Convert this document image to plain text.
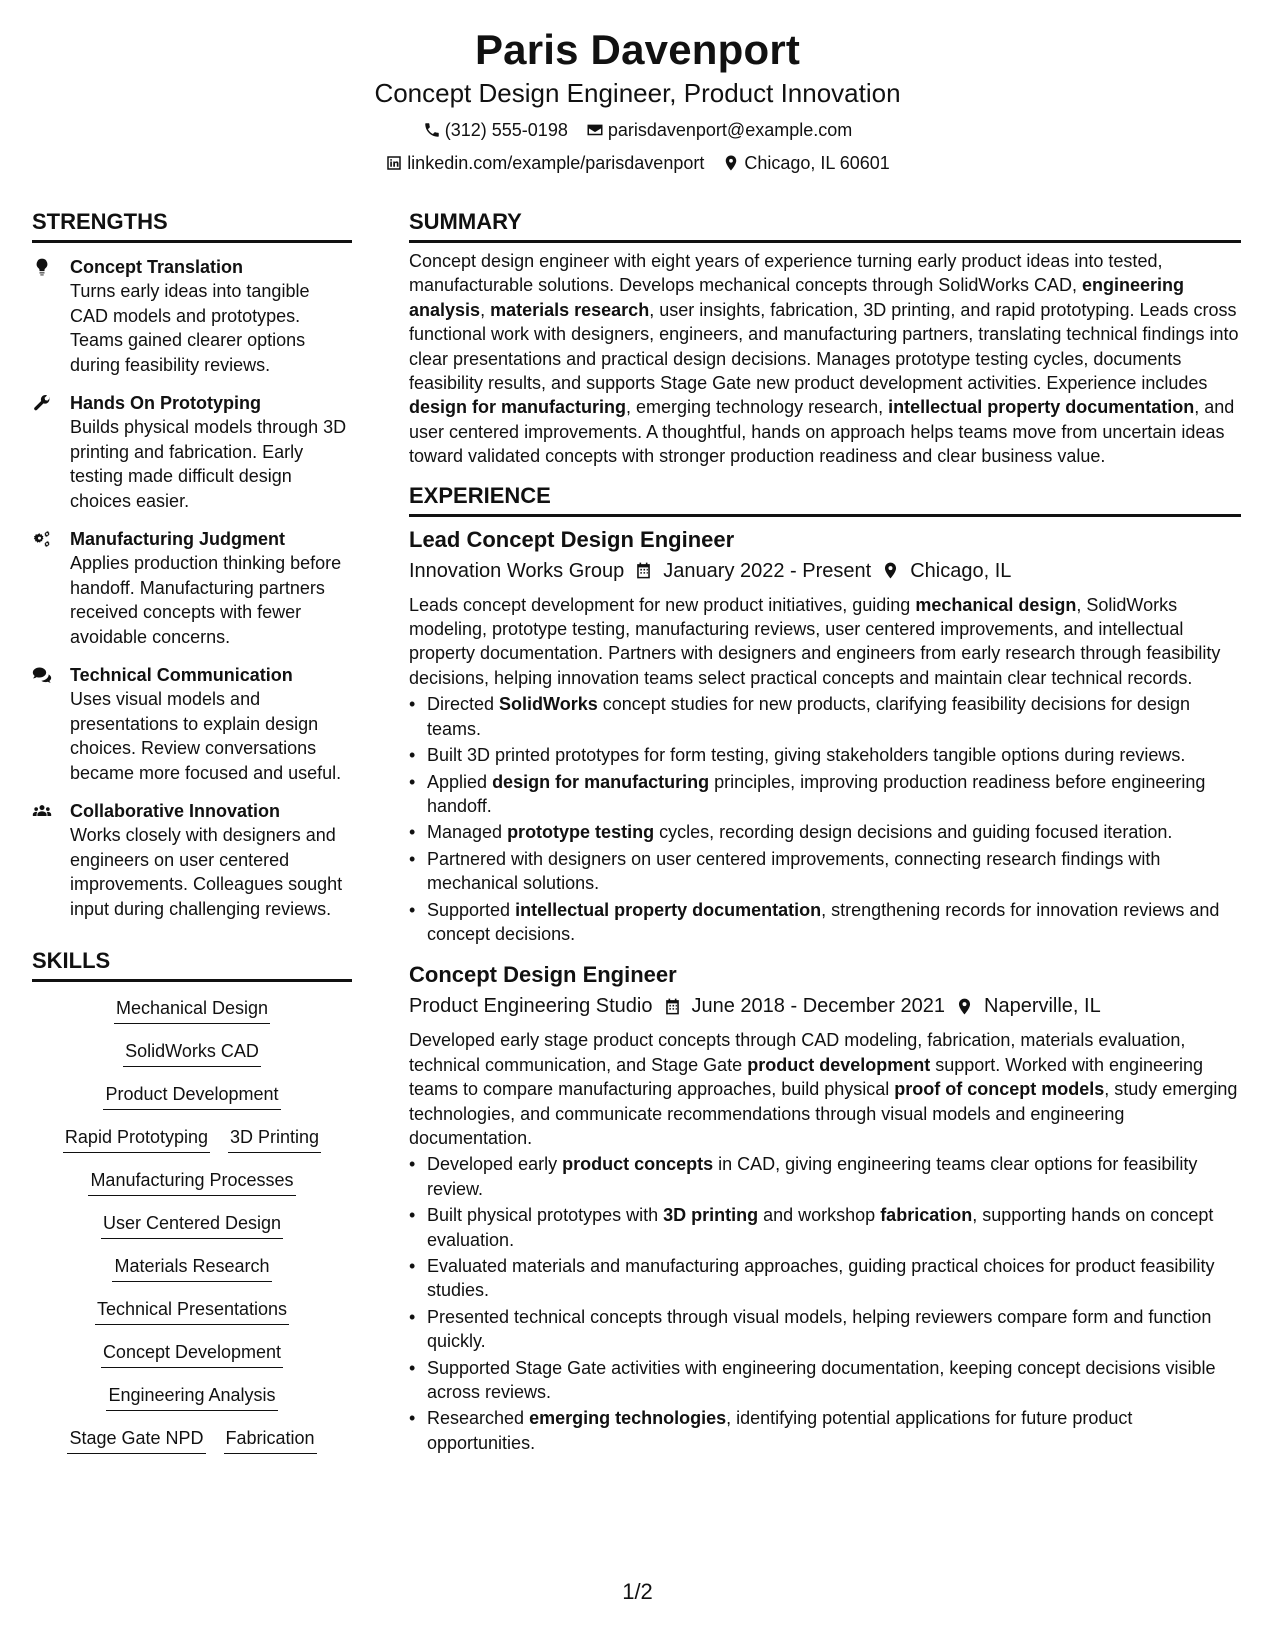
Paris Davenport
Concept Design Engineer, Product Innovation
(312) 555-0198 parisdavenport@example.com
linkedin.com/example/parisdavenport Chicago, IL 60601
STRENGTHS
Concept Translation
Turns early ideas into tangible CAD models and prototypes. Teams gained clearer options during feasibility reviews.
Hands On Prototyping
Builds physical models through 3D printing and fabrication. Early testing made difficult design choices easier.
Manufacturing Judgment
Applies production thinking before handoff. Manufacturing partners received concepts with fewer avoidable concerns.
Technical Communication
Uses visual models and presentations to explain design choices. Review conversations became more focused and useful.
Collaborative Innovation
Works closely with designers and engineers on user centered improvements. Colleagues sought input during challenging reviews.
SKILLS
Mechanical Design
SolidWorks CAD
Product Development
Rapid Prototyping 3D Printing
Manufacturing Processes
User Centered Design
Materials Research
Technical Presentations
Concept Development
Engineering Analysis
Stage Gate NPD Fabrication
SUMMARY
Concept design engineer with eight years of experience turning early product ideas into tested, manufacturable solutions. Develops mechanical concepts through SolidWorks CAD, engineering analysis, materials research, user insights, fabrication, 3D printing, and rapid prototyping. Leads cross functional work with designers, engineers, and manufacturing partners, translating technical findings into clear presentations and practical design decisions. Manages prototype testing cycles, documents feasibility results, and supports Stage Gate new product development activities. Experience includes design for manufacturing, emerging technology research, intellectual property documentation, and user centered improvements. A thoughtful, hands on approach helps teams move from uncertain ideas toward validated concepts with stronger production readiness and clear business value.
EXPERIENCE
Lead Concept Design Engineer
Innovation Works Group January 2022 - Present Chicago, IL
Leads concept development for new product initiatives, guiding mechanical design, SolidWorks modeling, prototype testing, manufacturing reviews, user centered improvements, and intellectual property documentation. Partners with designers and engineers from early research through feasibility decisions, helping innovation teams select practical concepts and maintain clear technical records.
• Directed SolidWorks concept studies for new products, clarifying feasibility decisions for design teams.
• Built 3D printed prototypes for form testing, giving stakeholders tangible options during reviews.
• Applied design for manufacturing principles, improving production readiness before engineering handoff.
• Managed prototype testing cycles, recording design decisions and guiding focused iteration.
• Partnered with designers on user centered improvements, connecting research findings with mechanical solutions.
• Supported intellectual property documentation, strengthening records for innovation reviews and concept decisions.
Concept Design Engineer
Product Engineering Studio June 2018 - December 2021 Naperville, IL
Developed early stage product concepts through CAD modeling, fabrication, materials evaluation, technical communication, and Stage Gate product development support. Worked with engineering teams to compare manufacturing approaches, build physical proof of concept models, study emerging technologies, and communicate recommendations through visual models and engineering documentation.
• Developed early product concepts in CAD, giving engineering teams clear options for feasibility review.
• Built physical prototypes with 3D printing and workshop fabrication, supporting hands on concept evaluation.
• Evaluated materials and manufacturing approaches, guiding practical choices for product feasibility studies.
• Presented technical concepts through visual models, helping reviewers compare form and function quickly.
• Supported Stage Gate activities with engineering documentation, keeping concept decisions visible across reviews.
• Researched emerging technologies, identifying potential applications for future product opportunities.
1/2
